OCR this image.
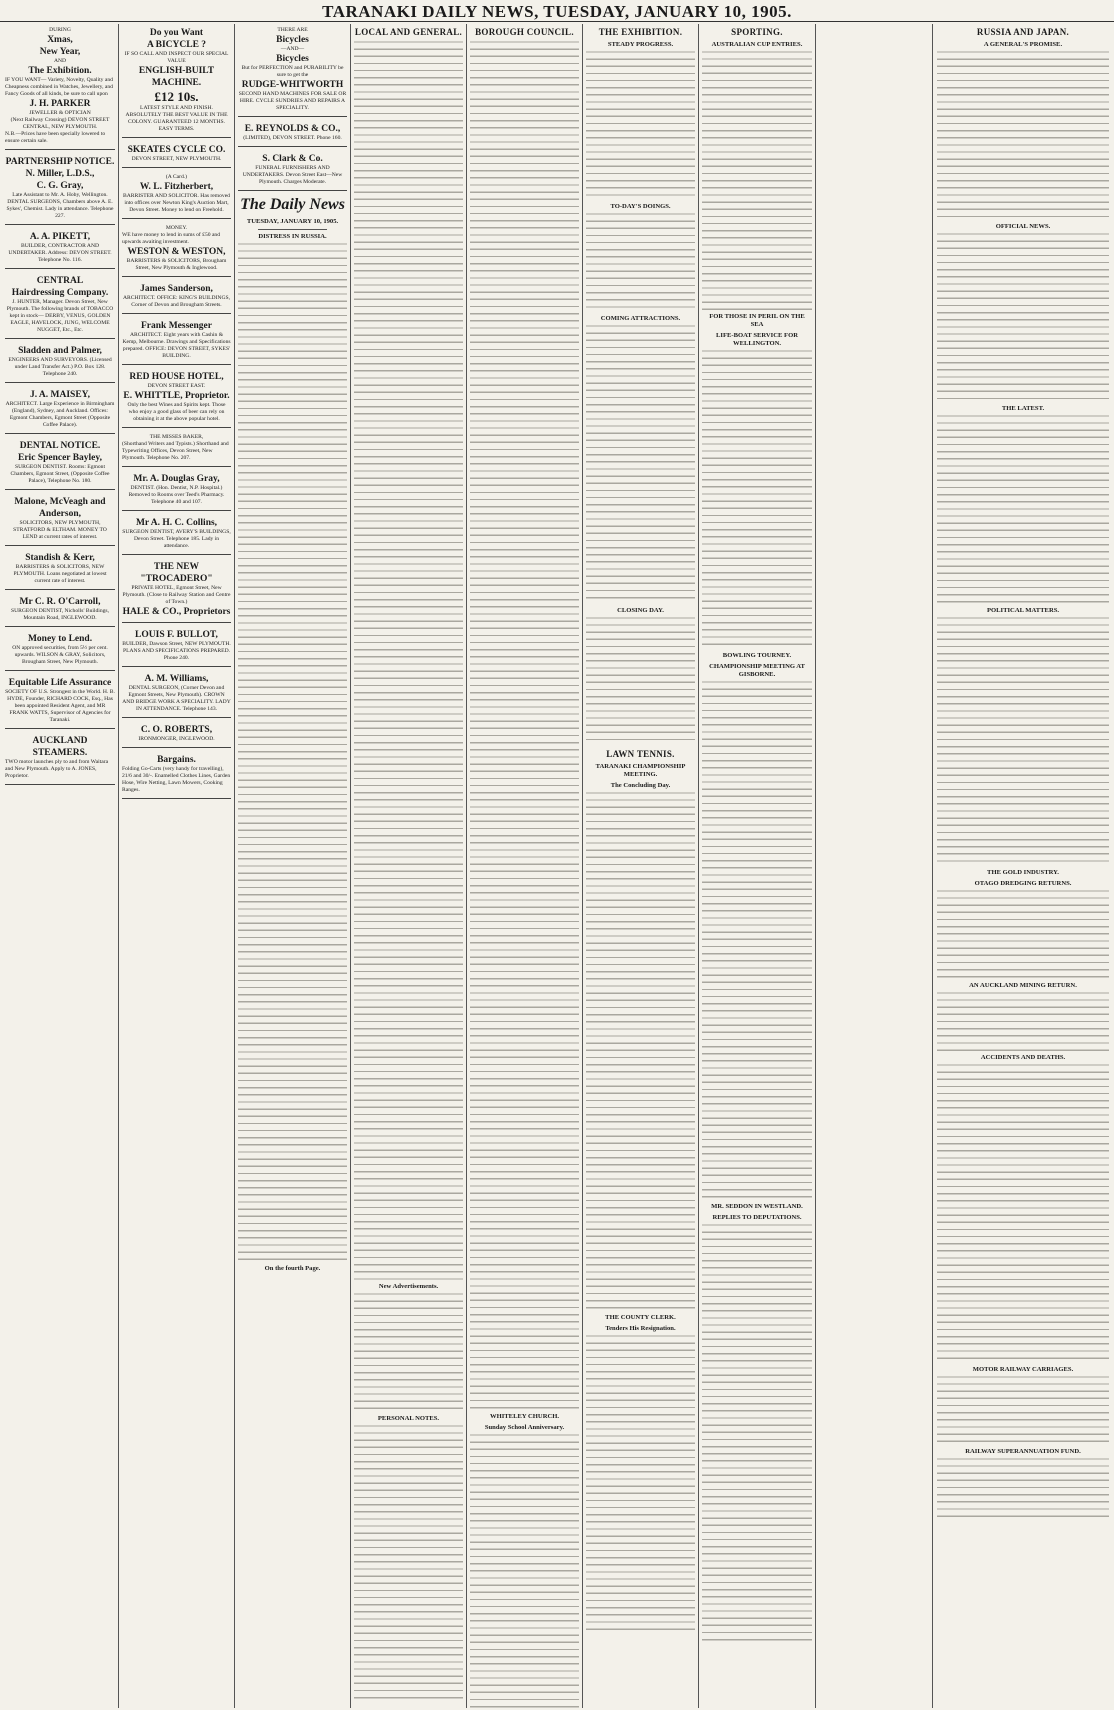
TARANAKI DAILY NEWS, TUESDAY, JANUARY 10, 1905.
DURING
Xmas,
New Year,
AND
The Exhibition.
IF YOU WANT— Variety, Novelty, Quality and Cheapness combined in Watches, Jewellery, and Fancy Goods of all kinds, be sure to call upon
J. H. PARKER
JEWELLER & OPTICIAN
(Next Railway Crossing) DEVON STREET CENTRAL, NEW PLYMOUTH.
N.B.—Prices have been specially lowered to ensure certain sale.
PARTNERSHIP NOTICE.
N. Miller, L.D.S.,
C. G. Gray,
Late Assistant to Mr. A. Hoby, Wellington. DENTAL SURGEONS, Chambers above A. E. Sykes', Chemist. Lady in attendance. Telephone 227.
A. A. PIKETT,
BUILDER, CONTRACTOR AND UNDERTAKER. Address: DEVON STREET. Telephone No. 116.
CENTRAL
Hairdressing Company.
J. HUNTER, Manager. Devon Street, New Plymouth. The following brands of TOBACCO kept in stock— DERBY, VENUS, GOLDEN EAGLE, HAVELOCK, JUNG, WELCOME NUGGET, Etc., Etc.
Sladden and Palmer,
ENGINEERS AND SURVEYORS. (Licensed under Land Transfer Act.) P.O. Box 128. Telephone 240.
J. A. MAISEY,
ARCHITECT. Large Experience in Birmingham (England), Sydney, and Auckland. Offices: Egmont Chambers, Egmont Street (Opposite Coffee Palace).
DENTAL NOTICE.
Eric Spencer Bayley,
SURGEON DENTIST. Rooms: Egmont Chambers, Egmont Street, (Opposite Coffee Palace), Telephone No. 180.
Malone, McVeagh and Anderson,
SOLICITORS, NEW PLYMOUTH, STRATFORD & ELTHAM. MONEY TO LEND at current rates of interest.
Standish & Kerr,
BARRISTERS & SOLICITORS, NEW PLYMOUTH. Loans negotiated at lowest current rate of interest.
Mr C. R. O'Carroll,
SURGEON DENTIST, Nicholls' Buildings, Mountain Road, INGLEWOOD.
Money to Lend.
ON approved securities, from 5½ per cent. upwards. WILSON & GRAY, Solicitors, Brougham Street, New Plymouth.
Equitable Life Assurance
SOCIETY OF U.S. Strongest in the World. H. B. HYDE, Founder, RICHARD COCK, Esq., Has been appointed Resident Agent, and MR FRANK WATTS, Supervisor of Agencies for Taranaki.
AUCKLAND STEAMERS.
TWO motor launches ply to and from Waitara and New Plymouth. Apply to A. JONES, Proprietor.
Do you Want
A BICYCLE ?
IF SO CALL AND INSPECT OUR SPECIAL VALUE
ENGLISH-BUILT MACHINE.
£12 10s.
LATEST STYLE AND FINISH. ABSOLUTELY THE BEST VALUE IN THE COLONY. GUARANTEED 12 MONTHS. EASY TERMS.
SKEATES CYCLE CO.
DEVON STREET, NEW PLYMOUTH.
(A Card.)
W. L. Fitzherbert,
BARRISTER AND SOLICITOR. Has removed into offices over Newton King's Auction Mart, Devon Street. Money to lend on Freehold.
MONEY.
WE have money to lend in sums of £50 and upwards awaiting investment.
WESTON & WESTON,
BARRISTERS & SOLICITORS, Brougham Street, New Plymouth & Inglewood.
James Sanderson,
ARCHITECT. OFFICE: KING'S BUILDINGS, Corner of Devon and Brougham Streets.
Frank Messenger
ARCHITECT. Eight years with Cashin & Kemp, Melbourne. Drawings and Specifications prepared. OFFICE: DEVON STREET, SYKES' BUILDING.
RED HOUSE HOTEL,
DEVON STREET EAST.
E. WHITTLE, Proprietor.
Only the best Wines and Spirits kept. Those who enjoy a good glass of beer can rely on obtaining it at the above popular hotel.
THE MISSES BAKER,
(Shorthand Writers and Typists.) Shorthand and Typewriting Offices, Devon Street, New Plymouth. Telephone No. 207.
Mr. A. Douglas Gray,
DENTIST. (Hon. Dentist, N.P. Hospital.) Removed to Rooms over Teed's Pharmacy. Telephone 40 and 107.
Mr A. H. C. Collins,
SURGEON DENTIST, AVERY'S BUILDINGS, Devon Street. Telephone 185. Lady in attendance.
THE NEW "TROCADERO"
PRIVATE HOTEL, Egmont Street, New Plymouth. (Close to Railway Station and Centre of Town.)
HALE & CO., Proprietors
LOUIS F. BULLOT,
BUILDER, Dawson Street, NEW PLYMOUTH. PLANS AND SPECIFICATIONS PREPARED. Phone 240.
A. M. Williams,
DENTAL SURGEON, (Corner Devon and Egmont Streets, New Plymouth). CROWN AND BRIDGE WORK A SPECIALITY. LADY IN ATTENDANCE. Telephone 143.
C. O. ROBERTS,
IRONMONGER, INGLEWOOD.
Bargains.
Folding Go-Carts (very handy for travelling), 21/6 and 30/-. Enamelled Clothes Lines, Garden Hose, Wire Netting, Lawn Mowers, Cooking Ranges.
THERE ARE
Bicycles
—AND—
Bicycles
But for PERFECTION and PURABILITY be sure to get the
RUDGE-WHITWORTH
SECOND HAND MACHINES FOR SALE OR HIRE. CYCLE SUNDRIES AND REPAIRS A SPECIALITY.
E. REYNOLDS & CO.,
(LIMITED), DEVON STREET. Phone 160.
S. Clark & Co.
FUNERAL FURNISHERS AND UNDERTAKERS. Devon Street East—New Plymouth. Charges Moderate.
The Daily News
TUESDAY, JANUARY 10, 1905.
DISTRESS IN RUSSIA.
On the fourth Page.
LOCAL AND GENERAL.
New Advertisements.
PERSONAL NOTES.
BOROUGH COUNCIL.
WHITELEY CHURCH.
Sunday School Anniversary.
THE EXHIBITION.
STEADY PROGRESS.
TO-DAY'S DOINGS.
COMING ATTRACTIONS.
CLOSING DAY.
LAWN TENNIS.
TARANAKI CHAMPIONSHIP MEETING.
The Concluding Day.
THE COUNTY CLERK.
Tenders His Resignation.
SPORTING.
AUSTRALIAN CUP ENTRIES.
FOR THOSE IN PERIL ON THE SEA
LIFE-BOAT SERVICE FOR WELLINGTON.
BOWLING TOURNEY.
CHAMPIONSHIP MEETING AT GISBORNE.
MR. SEDDON IN WESTLAND.
REPLIES TO DEPUTATIONS.
RUSSIA AND JAPAN.
A GENERAL'S PROMISE.
OFFICIAL NEWS.
THE LATEST.
POLITICAL MATTERS.
THE GOLD INDUSTRY.
OTAGO DREDGING RETURNS.
AN AUCKLAND MINING RETURN.
ACCIDENTS AND DEATHS.
MOTOR RAILWAY CARRIAGES.
RAILWAY SUPERANNUATION FUND.
